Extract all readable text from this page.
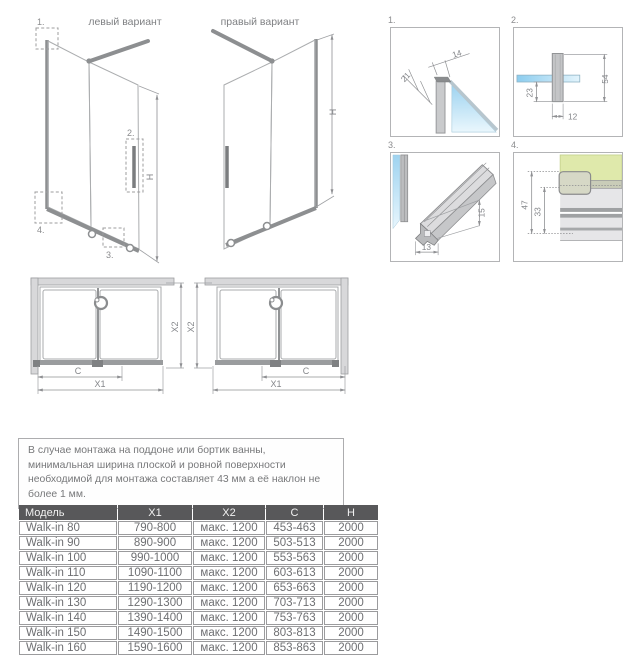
левый вариант
H
1.
2.
3.
4.
правый вариант
H
1.
14
21
2.
54
23
12
3.
15
13
4.
47
33
C
X1
X2
C
X1
X2
В случае монтажа на поддоне или бортик ванны, минимальная ширина плоской и ровной поверхности необходимой для монтажа составляет 43 мм а её наклон не более 1 мм.
Модель	X1	X2	C	H
Walk-in 80	790-800	макс. 1200	453-463	2000
Walk-in 90	890-900	макс. 1200	503-513	2000
Walk-in 100	990-1000	макс. 1200	553-563	2000
Walk-in 110	1090-1100	макс. 1200	603-613	2000
Walk-in 120	1190-1200	макс. 1200	653-663	2000
Walk-in 130	1290-1300	макс. 1200	703-713	2000
Walk-in 140	1390-1400	макс. 1200	753-763	2000
Walk-in 150	1490-1500	макс. 1200	803-813	2000
Walk-in 160	1590-1600	макс. 1200	853-863	2000
